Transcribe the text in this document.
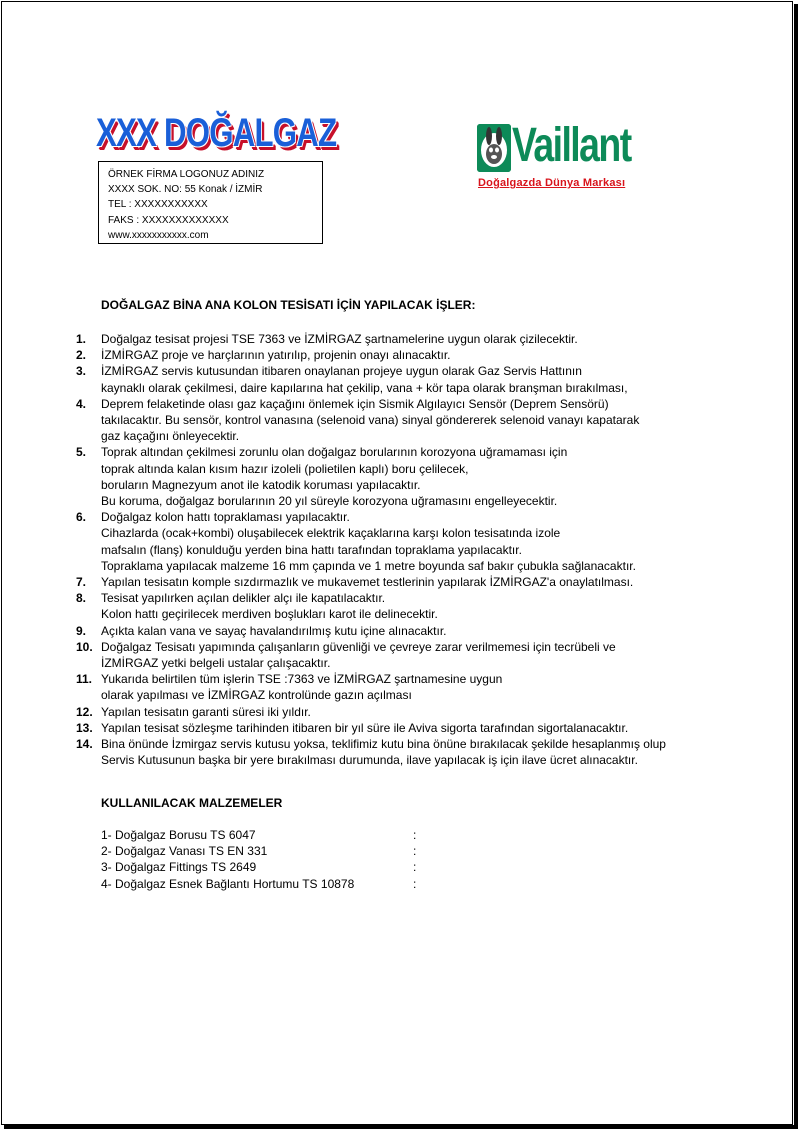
XXX DOĞALGAZ
ÖRNEK FİRMA LOGONUZ ADINIZ
XXXX SOK. NO: 55 Konak / İZMİR
TEL : XXXXXXXXXXX
FAKS : XXXXXXXXXXXXX
www.xxxxxxxxxxx.com
Vaillant
Doğalgazda Dünya Markası
DOĞALGAZ BİNA ANA KOLON TESİSATI İÇİN YAPILACAK İŞLER:
1. Doğalgaz tesisat projesi TSE 7363 ve İZMİRGAZ şartnamelerine uygun olarak çizilecektir.
2. İZMİRGAZ proje ve harçlarının yatırılıp, projenin onayı alınacaktır.
3. İZMİRGAZ servis kutusundan itibaren onaylanan projeye uygun olarak Gaz Servis Hattının
kaynaklı olarak çekilmesi, daire kapılarına hat çekilip, vana + kör tapa olarak branşman bırakılması,
4. Deprem felaketinde olası gaz kaçağını önlemek için Sismik Algılayıcı Sensör (Deprem Sensörü)
takılacaktır. Bu sensör, kontrol vanasına (selenoid vana) sinyal göndererek selenoid vanayı kapatarak
gaz kaçağını önleyecektir.
5. Toprak altından çekilmesi zorunlu olan doğalgaz borularının korozyona uğramaması için
toprak altında kalan kısım hazır izoleli (polietilen kaplı) boru çelilecek,
boruların Magnezyum anot ile katodik koruması yapılacaktır.
Bu koruma, doğalgaz borularının 20 yıl süreyle korozyona uğramasını engelleyecektir.
6. Doğalgaz kolon hattı topraklaması yapılacaktır.
Cihazlarda (ocak+kombi) oluşabilecek elektrik kaçaklarına karşı kolon tesisatında izole
mafsalın (flanş) konulduğu yerden bina hattı tarafından topraklama yapılacaktır.
Topraklama yapılacak malzeme 16 mm çapında ve 1 metre boyunda saf bakır çubukla sağlanacaktır.
7. Yapılan tesisatın komple sızdırmazlık ve mukavemet testlerinin yapılarak İZMİRGAZ'a onaylatılması.
8. Tesisat yapılırken açılan delikler alçı ile kapatılacaktır.
Kolon hattı geçirilecek merdiven boşlukları karot ile delinecektir.
9. Açıkta kalan vana ve sayaç havalandırılmış kutu içine alınacaktır.
10. Doğalgaz Tesisatı yapımında çalışanların güvenliği ve çevreye zarar verilmemesi için tecrübeli ve
İZMİRGAZ yetki belgeli ustalar çalışacaktır.
11. Yukarıda belirtilen tüm işlerin TSE :7363 ve İZMİRGAZ şartnamesine uygun
olarak yapılması ve İZMİRGAZ kontrolünde gazın açılması
12. Yapılan tesisatın garanti süresi iki yıldır.
13. Yapılan tesisat sözleşme tarihinden itibaren bir yıl süre ile Aviva sigorta tarafından sigortalanacaktır.
14. Bina önünde İzmirgaz servis kutusu yoksa, teklifimiz kutu bina önüne bırakılacak şekilde hesaplanmış olup
Servis Kutusunun başka bir yere bırakılması durumunda, ilave yapılacak iş için ilave ücret alınacaktır.
KULLANILACAK MALZEMELER
1- Doğalgaz Borusu TS 6047	:
2- Doğalgaz Vanası TS EN 331	:
3- Doğalgaz Fittings TS 2649	:
4- Doğalgaz Esnek Bağlantı Hortumu TS 10878	:
